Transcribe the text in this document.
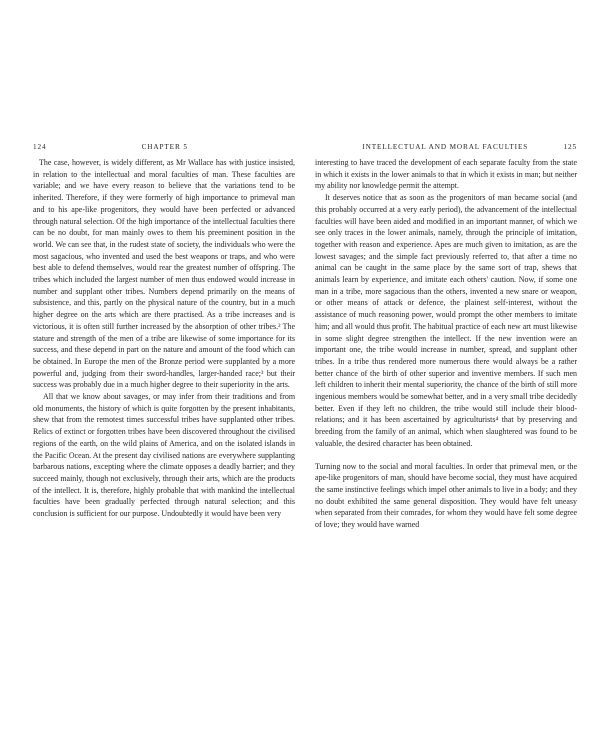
124	CHAPTER 5

The case, however, is widely different, as Mr Wallace has with justice insisted, in relation to the intellectual and moral faculties of man. These faculties are variable; and we have every reason to believe that the variations tend to be inherited. Therefore, if they were formerly of high importance to primeval man and to his ape-like progenitors, they would have been perfected or advanced through natural selection. Of the high importance of the intellectual faculties there can be no doubt, for man mainly owes to them his preeminent position in the world. We can see that, in the rudest state of society, the individuals who were the most sagacious, who invented and used the best weapons or traps, and who were best able to defend themselves, would rear the greatest number of offspring. The tribes which included the largest number of men thus endowed would increase in number and supplant other tribes. Numbers depend primarily on the means of subsistence, and this, partly on the physical nature of the country, but in a much higher degree on the arts which are there practised. As a tribe increases and is victorious, it is often still further increased by the absorption of other tribes.² The stature and strength of the men of a tribe are likewise of some importance for its success, and these depend in part on the nature and amount of the food which can be obtained. In Europe the men of the Bronze period were supplanted by a more powerful and, judging from their sword-handles, larger-handed race;³ but their success was probably due in a much higher degree to their superiority in the arts.

All that we know about savages, or may infer from their traditions and from old monuments, the history of which is quite forgotten by the present inhabitants, shew that from the remotest times successful tribes have supplanted other tribes. Relics of extinct or forgotten tribes have been discovered throughout the civilised regions of the earth, on the wild plains of America, and on the isolated islands in the Pacific Ocean. At the present day civilised nations are everywhere supplanting barbarous nations, excepting where the climate opposes a deadly barrier; and they succeed mainly, though not exclusively, through their arts, which are the products of the intellect. It is, therefore, highly probable that with mankind the intellectual faculties have been gradually perfected through natural selection; and this conclusion is sufficient for our purpose. Undoubtedly it would have been very

INTELLECTUAL AND MORAL FACULTIES	125

interesting to have traced the development of each separate faculty from the state in which it exists in the lower animals to that in which it exists in man; but neither my ability nor knowledge permit the attempt.

It deserves notice that as soon as the progenitors of man became social (and this probably occurred at a very early period), the advancement of the intellectual faculties will have been aided and modified in an important manner, of which we see only traces in the lower animals, namely, through the principle of imitation, together with reason and experience. Apes are much given to imitation, as are the lowest savages; and the simple fact previously referred to, that after a time no animal can be caught in the same place by the same sort of trap, shews that animals learn by experience, and imitate each others' caution. Now, if some one man in a tribe, more sagacious than the others, invented a new snare or weapon, or other means of attack or defence, the plainest self-interest, without the assistance of much reasoning power, would prompt the other members to imitate him; and all would thus profit. The habitual practice of each new art must likewise in some slight degree strengthen the intellect. If the new invention were an important one, the tribe would increase in number, spread, and supplant other tribes. In a tribe thus rendered more numerous there would always be a rather better chance of the birth of other superior and inventive members. If such men left children to inherit their mental superiority, the chance of the birth of still more ingenious members would be somewhat better, and in a very small tribe decidedly better. Even if they left no children, the tribe would still include their blood-relations; and it has been ascertained by agriculturists⁴ that by preserving and breeding from the family of an animal, which when slaughtered was found to be valuable, the desired character has been obtained.

Turning now to the social and moral faculties. In order that primeval men, or the ape-like progenitors of man, should have become social, they must have acquired the same instinctive feelings which impel other animals to live in a body; and they no doubt exhibited the same general disposition. They would have felt uneasy when separated from their comrades, for whom they would have felt some degree of love; they would have warned
